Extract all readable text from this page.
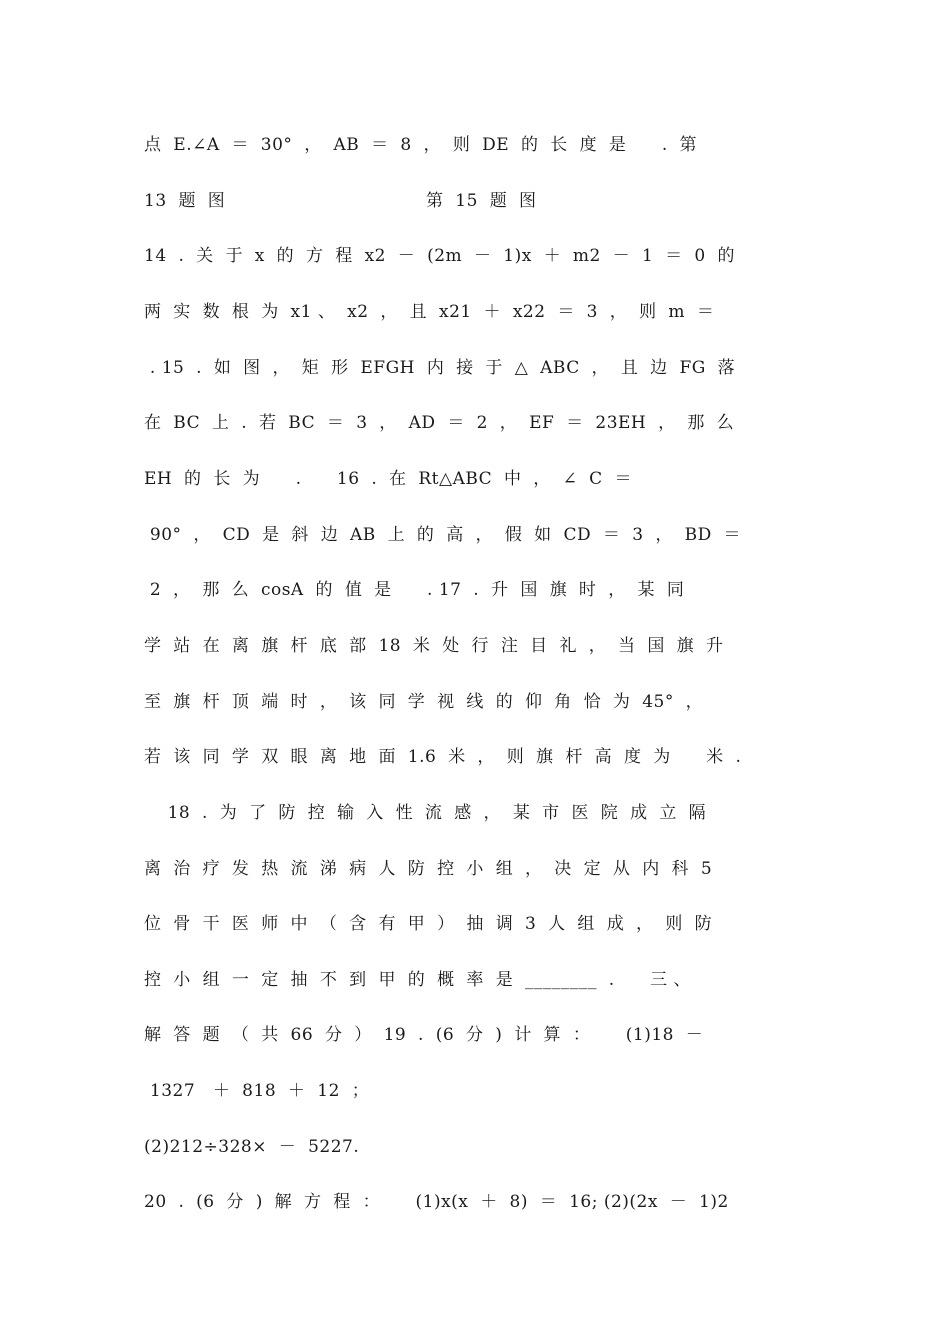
点  E.∠A  ＝  30°  ，  AB  ＝  8  ，  则  DE  的  长  度  是      .  第
13  题  图                                  第  15  题  图
14  .  关  于  x  的  方  程  x2  －  (2m  －  1)x  ＋  m2  －  1  ＝  0  的
两  实  数  根  为  x1 、  x2  ，  且  x21  ＋  x22  ＝  3  ，  则  m  ＝
. 15  .  如  图  ，  矩  形  EFGH  内  接  于  △  ABC  ，  且  边  FG  落
在  BC  上  .  若  BC  ＝  3  ，  AD  ＝  2  ，  EF  ＝  23EH  ，  那  么
EH  的  长  为      .      16  .  在  Rt△ABC  中  ，  ∠  C  ＝
90°  ，  CD  是  斜  边  AB  上  的  高  ，  假  如  CD  ＝  3  ，  BD  ＝
2  ，  那  么  cosA  的  值  是      . 17  .  升  国  旗  时  ，  某  同
学  站  在  离  旗  杆  底  部  18  米  处  行  注  目  礼  ，  当  国  旗  升
至  旗  杆  顶  端  时  ，  该  同  学  视  线  的  仰  角  恰  为  45°  ，
若  该  同  学  双  眼  离  地  面  1.6  米  ，  则  旗  杆  高  度  为      米  .
18  .  为  了  防  控  输  入  性  流  感  ，  某  市  医  院  成  立  隔
离  治  疗  发  热  流  涕  病  人  防  控  小  组  ，  决  定  从  内  科  5
位  骨  干  医  师  中  （  含  有  甲  ）  抽  调  3  人  组  成  ，  则  防
控  小  组  一  定  抽  不  到  甲  的  概  率  是  ________  .      三 、
解  答  题  （  共  66  分  ）  19  .  (6  分  )  计  算  ：      (1)18  －
1327   ＋  818  ＋  12  ；
(2)212÷328×  －  5227.
20  .  (6  分  )  解  方  程  ：      (1)x(x  ＋  8)  ＝  16; (2)(2x  －  1)2
